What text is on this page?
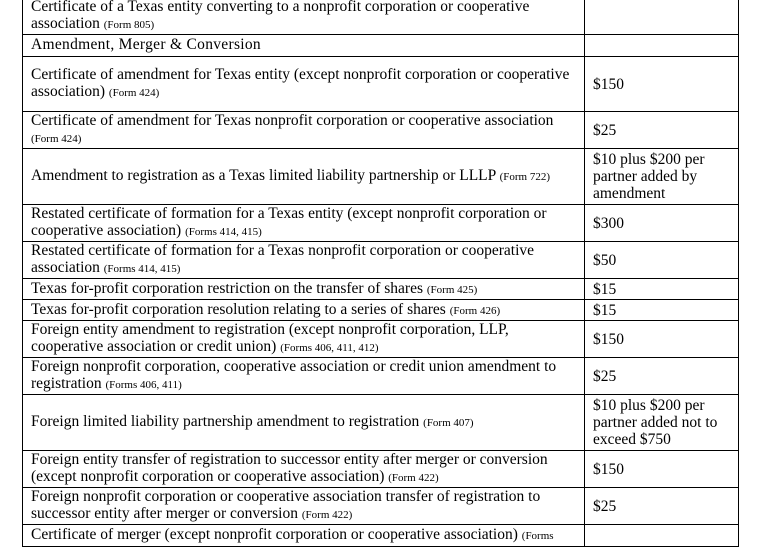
Certificate of a Texas entity converting to a nonprofit corporation or cooperative association (Form 805)	
Amendment, Merger & Conversion	
Certificate of amendment for Texas entity (except nonprofit corporation or cooperative association) (Form 424)	$150
Certificate of amendment for Texas nonprofit corporation or cooperative association (Form 424)	$25
Amendment to registration as a Texas limited liability partnership or LLLP (Form 722)	$10 plus $200 per partner added by amendment
Restated certificate of formation for a Texas entity (except nonprofit corporation or cooperative association) (Forms 414, 415)	$300
Restated certificate of formation for a Texas nonprofit corporation or cooperative association (Forms 414, 415)	$50
Texas for-profit corporation restriction on the transfer of shares (Form 425)	$15
Texas for-profit corporation resolution relating to a series of shares (Form 426)	$15
Foreign entity amendment to registration (except nonprofit corporation, LLP, cooperative association or credit union) (Forms 406, 411, 412)	$150
Foreign nonprofit corporation, cooperative association or credit union amendment to registration (Forms 406, 411)	$25
Foreign limited liability partnership amendment to registration (Form 407)	$10 plus $200 per partner added not to exceed $750
Foreign entity transfer of registration to successor entity after merger or conversion (except nonprofit corporation or cooperative association) (Form 422)	$150
Foreign nonprofit corporation or cooperative association transfer of registration to successor entity after merger or conversion (Form 422)	$25
Certificate of merger (except nonprofit corporation or cooperative association) (Forms	
